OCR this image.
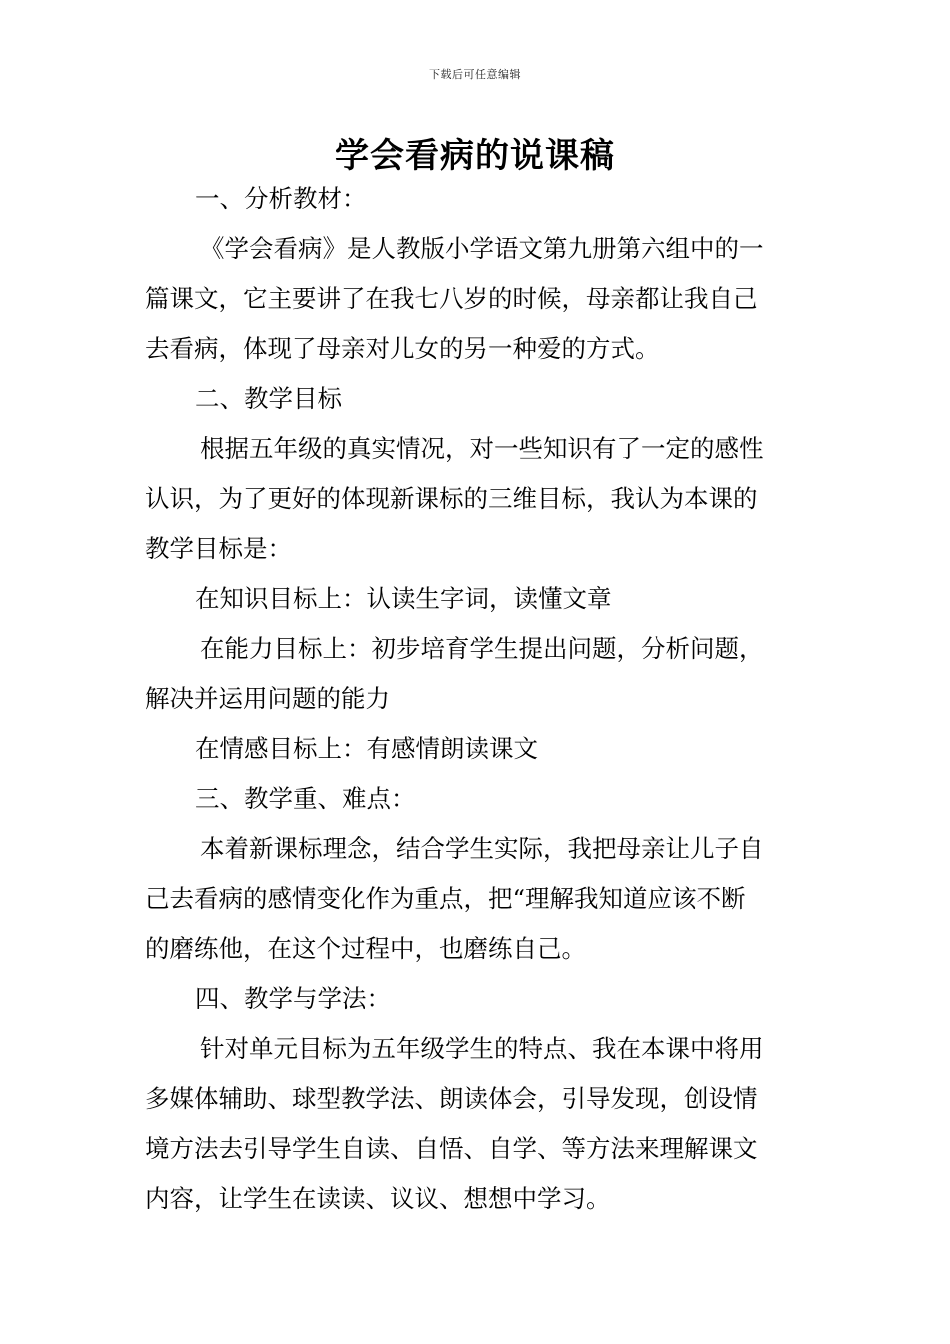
下载后可任意编辑
学会看病的说课稿
一、分析教材：
《学会看病》是人教版小学语文第九册第六组中的一
篇课文，它主要讲了在我七八岁的时候，母亲都让我自己
去看病，体现了母亲对儿女的另一种爱的方式。
二、教学目标
根据五年级的真实情况，对一些知识有了一定的感性
认识，为了更好的体现新课标的三维目标，我认为本课的
教学目标是：
在知识目标上：认读生字词，读懂文章
在能力目标上：初步培育学生提出问题，分析问题，
解决并运用问题的能力
在情感目标上：有感情朗读课文
三、教学重、难点：
本着新课标理念，结合学生实际，我把母亲让儿子自
己去看病的感情变化作为重点，把“理解我知道应该不断
的磨练他，在这个过程中，也磨练自己。
四、教学与学法：
针对单元目标为五年级学生的特点、我在本课中将用
多媒体辅助、球型教学法、朗读体会，引导发现，创设情
境方法去引导学生自读、自悟、自学、等方法来理解课文
内容，让学生在读读、议议、想想中学习。
